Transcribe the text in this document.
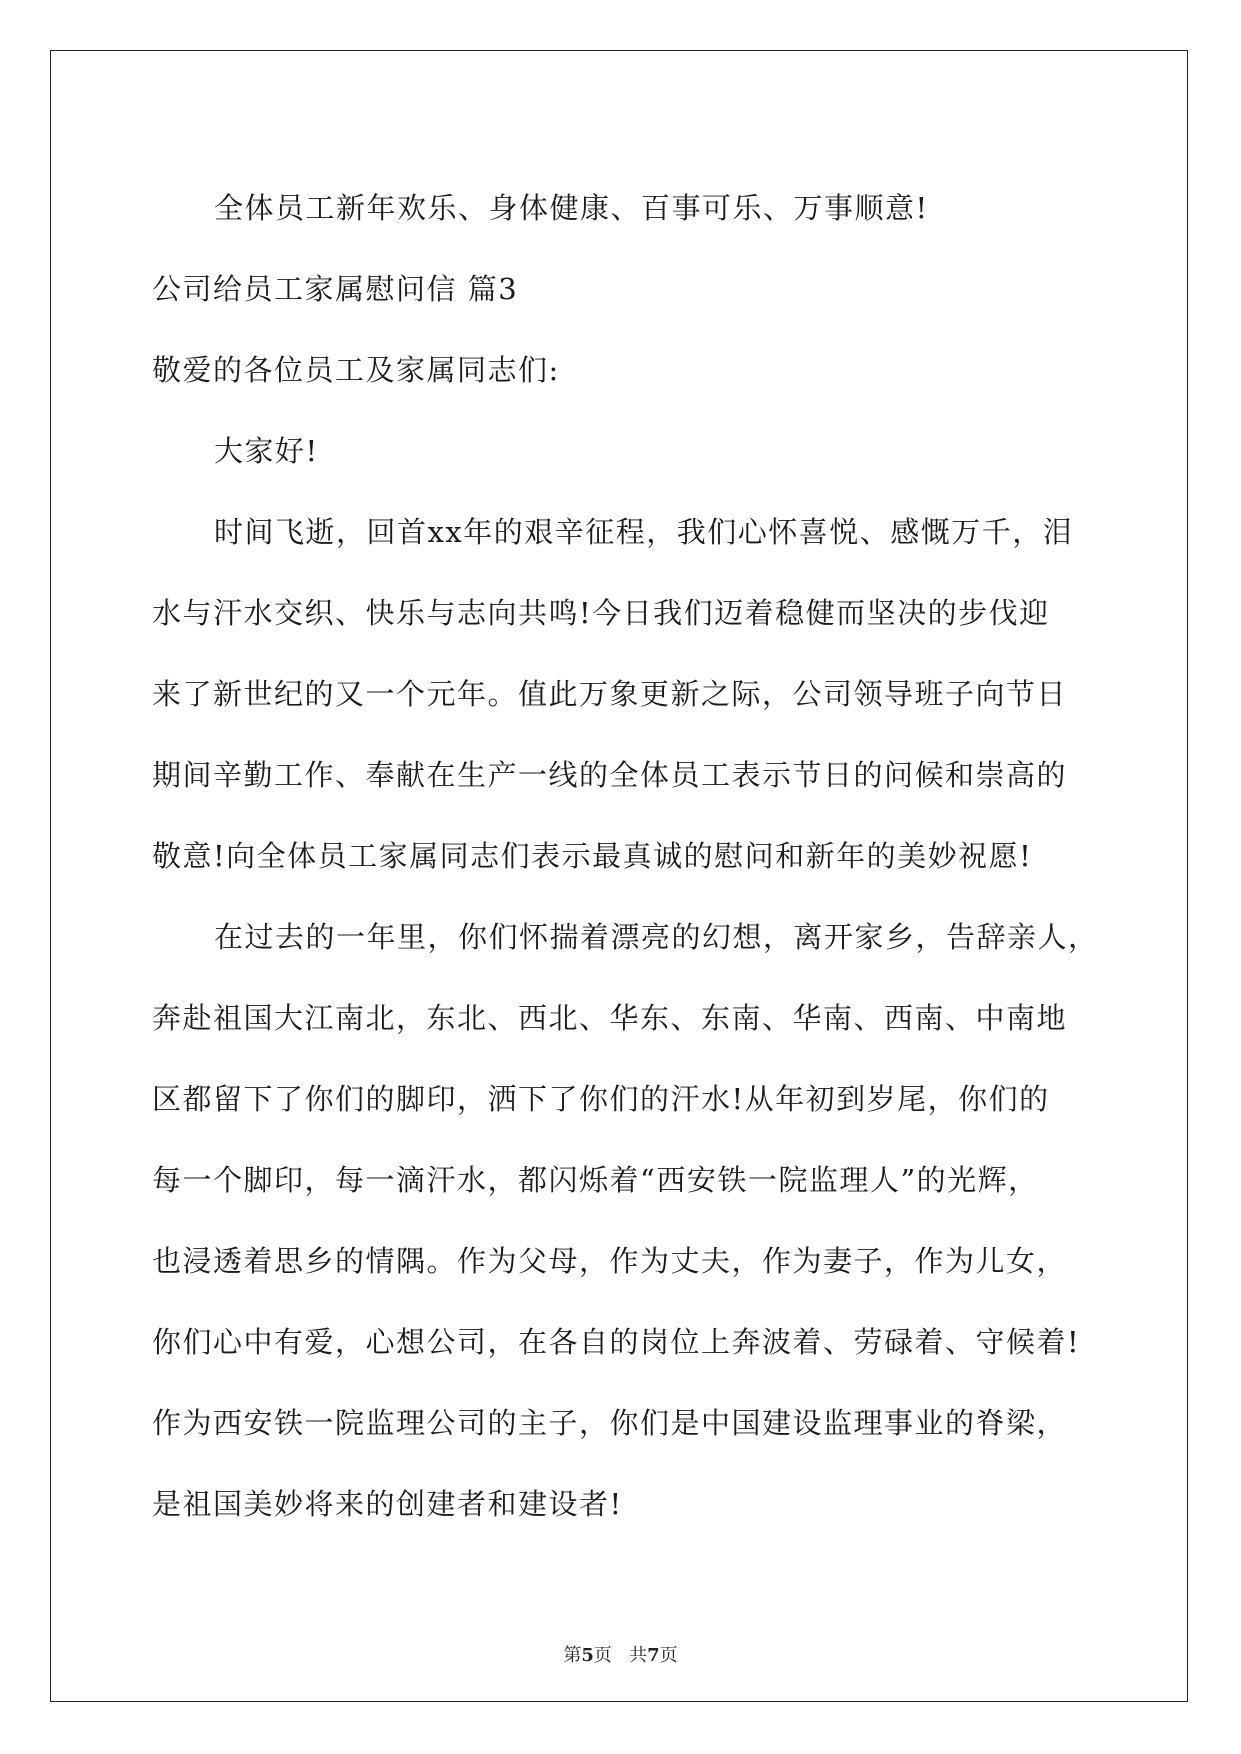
全体员工新年欢乐、身体健康、百事可乐、万事顺意!
公司给员工家属慰问信 篇3
敬爱的各位员工及家属同志们:
大家好!
时间飞逝，回首xx年的艰辛征程，我们心怀喜悦、感慨万千，泪
水与汗水交织、快乐与志向共鸣!今日我们迈着稳健而坚决的步伐迎
来了新世纪的又一个元年。值此万象更新之际，公司领导班子向节日
期间辛勤工作、奉献在生产一线的全体员工表示节日的问候和崇高的
敬意!向全体员工家属同志们表示最真诚的慰问和新年的美妙祝愿!
在过去的一年里，你们怀揣着漂亮的幻想，离开家乡，告辞亲人，
奔赴祖国大江南北，东北、西北、华东、东南、华南、西南、中南地
区都留下了你们的脚印，洒下了你们的汗水!从年初到岁尾，你们的
每一个脚印，每一滴汗水，都闪烁着“西安铁一院监理人”的光辉，
也浸透着思乡的情隅。作为父母，作为丈夫，作为妻子，作为儿女，
你们心中有爱，心想公司，在各自的岗位上奔波着、劳碌着、守候着!
作为西安铁一院监理公司的主子，你们是中国建设监理事业的脊梁，
是祖国美妙将来的创建者和建设者!
第5页   共7页
